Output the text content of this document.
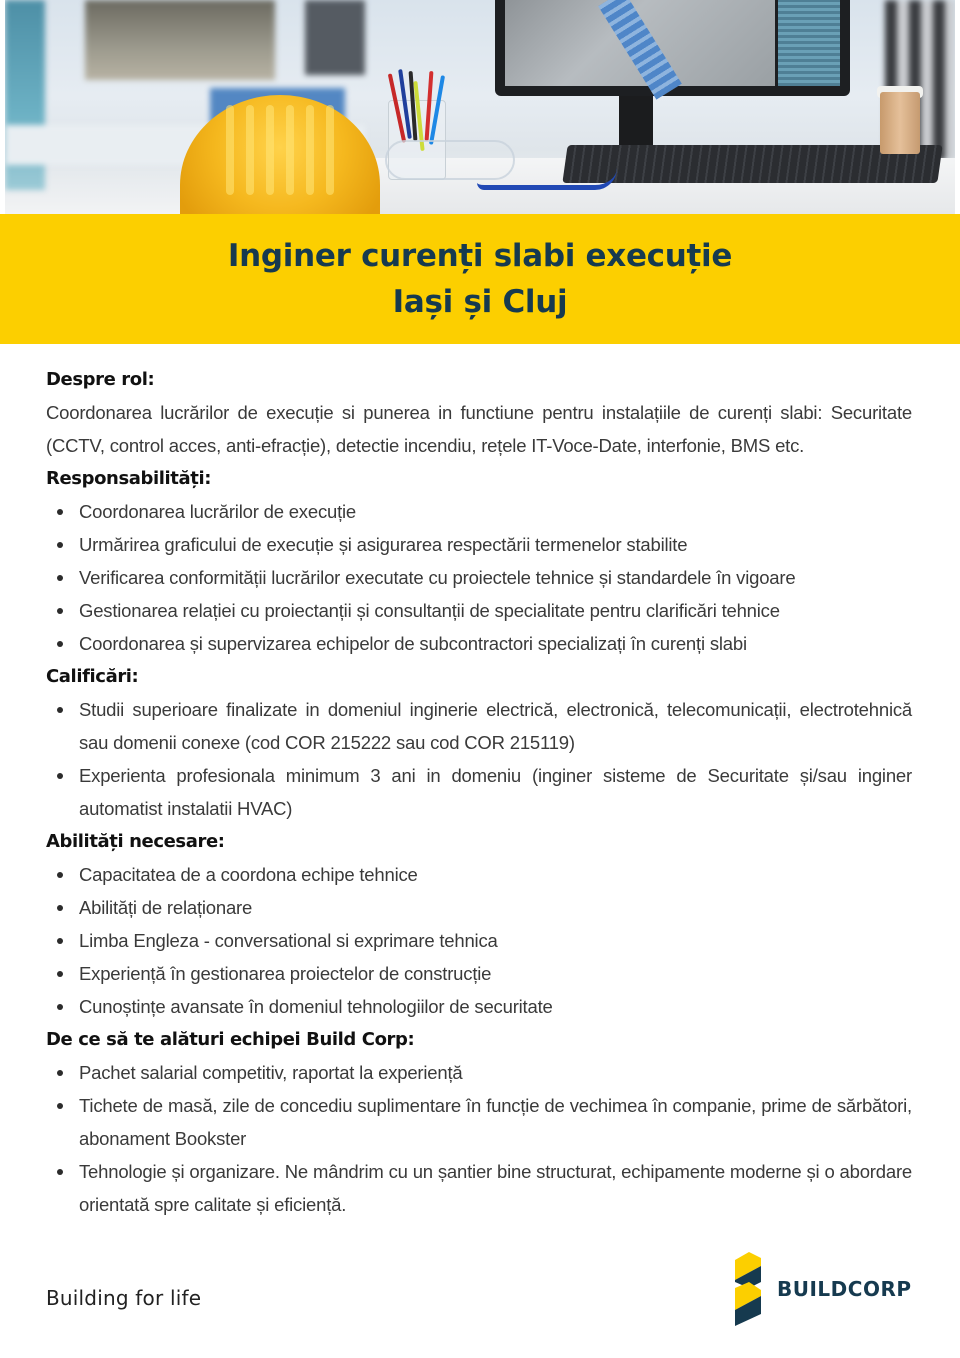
Inginer curenți slabi execuție
Iași și Cluj
Despre rol:

Coordonarea lucrărilor de execuție si punerea in functiune pentru instalațiile de curenți slabi: Securitate (CCTV, control acces, anti-efracție), detectie incendiu, rețele IT-Voce-Date, interfonie, BMS etc.

Responsabilități:
Coordonarea lucrărilor de execuție
Urmărirea graficului de execuție și asigurarea respectării termenelor stabilite
Verificarea conformității lucrărilor executate cu proiectele tehnice și standardele în vigoare
Gestionarea relației cu proiectanții și consultanții de specialitate pentru clarificări tehnice
Coordonarea și supervizarea echipelor de subcontractori specializați în curenți slabi
Calificări:
Studii superioare finalizate in domeniul inginerie electrică, electronică, telecomunicații, electrotehnică sau domenii conexe (cod COR 215222 sau cod COR 215119)
Experienta profesionala minimum 3 ani in domeniu (inginer sisteme de Securitate și/sau inginer automatist instalatii HVAC)
Abilități necesare:
Capacitatea de a coordona echipe tehnice
Abilități de relaționare
Limba Engleza - conversational si exprimare tehnica
Experiență în gestionarea proiectelor de construcție
Cunoștințe avansate în domeniul tehnologiilor de securitate
De ce să te alături echipei Build Corp:
Pachet salarial competitiv, raportat la experiență
Tichete de masă, zile de concediu suplimentare în funcție de vechimea în companie, prime de sărbători, abonament Bookster
Tehnologie și organizare. Ne mândrim cu un șantier bine structurat, echipamente moderne și o abordare orientată spre calitate și eficiență.
Building for life	BUILDCORP
